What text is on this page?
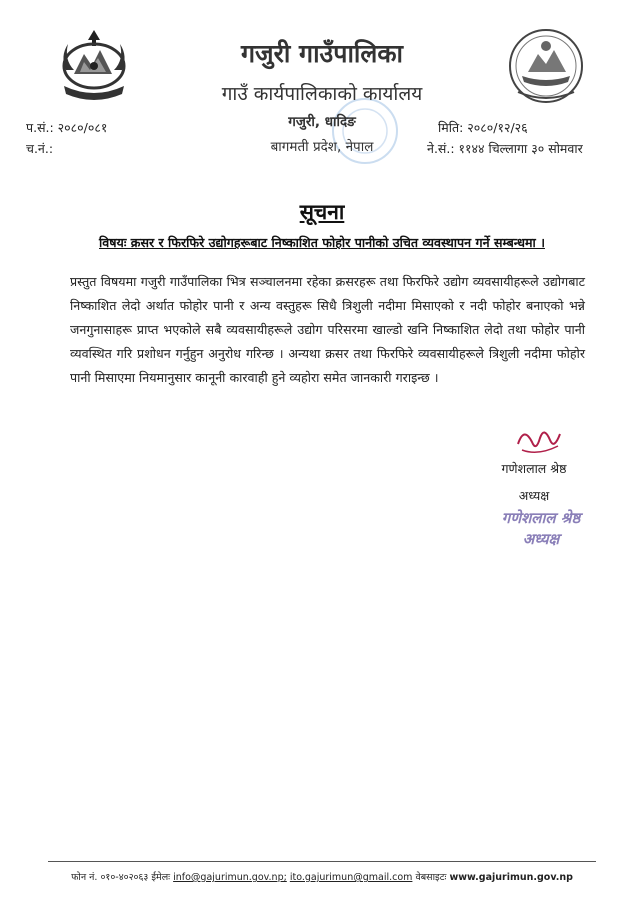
गजुरी गाउँपालिका
गाउँ कार्यपालिकाको कार्यालय
गजुरी, धादिङ
बागमती प्रदेश, नेपाल
प.सं.: २०८०/०८१
च.नं.:
मिति: २०८०/१२/२६
ने.सं.: ११४४ चिल्लागा ३० सोमवार
सूचना
विषयः क्रसर र फिरफिरे उद्योगहरूबाट निष्काशित फोहोर पानीको उचित व्यवस्थापन गर्ने सम्बन्धमा ।
प्रस्तुत विषयमा गजुरी गाउँपालिका भित्र सञ्चालनमा रहेका क्रसरहरू तथा फिरफिरे उद्योग व्यवसायीहरूले उद्योगबाट निष्काशित लेदो अर्थात फोहोर पानी र अन्य वस्तुहरू सिधै त्रिशुली नदीमा मिसाएको र नदी फोहोर बनाएको भन्ने जनगुनासाहरू प्राप्त भएकोले सबै व्यवसायीहरूले उद्योग परिसरमा खाल्डो खनि निष्काशित लेदो तथा फोहोर पानी व्यवस्थित गरि प्रशोधन गर्नुहुन अनुरोध गरिन्छ । अन्यथा क्रसर तथा फिरफिरे व्यवसायीहरूले त्रिशुली नदीमा फोहोर पानी मिसाएमा नियमानुसार कानूनी कारवाही हुने व्यहोरा समेत जानकारी गराइन्छ ।
गणेशलाल श्रेष्ठ
अध्यक्ष
गणेशलाल श्रेष्ठ
अध्यक्ष
फोन नं. ०१०-४०२०६३ ईमेलः info@gajurimun.gov.np; ito.gajurimun@gmail.com वेबसाइटः www.gajurimun.gov.np
